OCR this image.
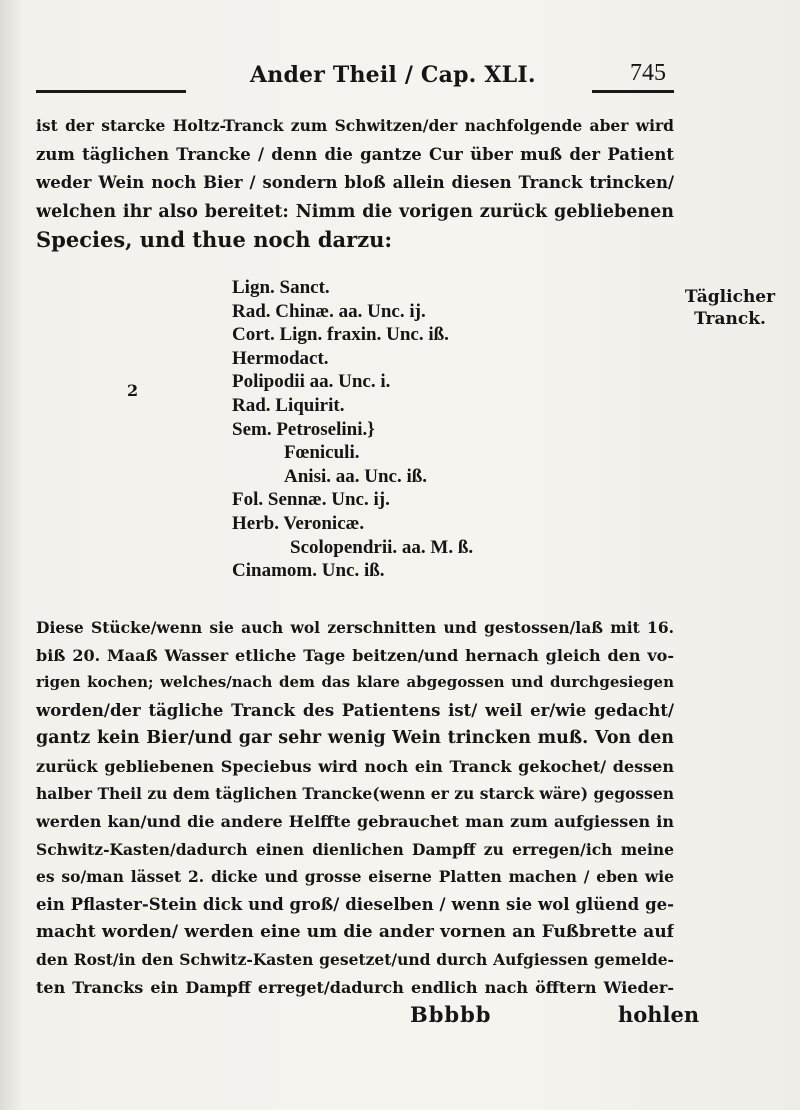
Ander Theil / Cap. XLI.	745
ist der starcke Holtz-Tranck zum Schwitzen/der nachfolgende aber wird
zum täglichen Trancke / denn die gantze Cur über muß der Patient
weder Wein noch Bier / sondern bloß allein diesen Tranck trincken/
welchen ihr also bereitet: Nimm die vorigen zurück gebliebenen
Species, und thue noch darzu:
Lign. Sanct.
Rad. Chinæ. aa. Unc. ij.
Cort. Lign. fraxin. Unc. iß.
Hermodact.
Polipodii aa. Unc. i.
Rad. Liquirit.
Sem. Petroselini.}
Fœniculi.
Anisi. aa. Unc. iß.
Fol. Sennæ. Unc. ij.
Herb. Veronicæ.
Scolopendrii. aa. M. ß.
Cinamom. Unc. iß.
2
Täglicher
Tranck.
Diese Stücke/wenn sie auch wol zerschnitten und gestossen/laß mit 16.
biß 20. Maaß Wasser etliche Tage beitzen/und hernach gleich den vo-
rigen kochen; welches/nach dem das klare abgegossen und durchgesiegen
worden/der tägliche Tranck des Patientens ist/ weil er/wie gedacht/
gantz kein Bier/und gar sehr wenig Wein trincken muß. Von den
zurück gebliebenen Speciebus wird noch ein Tranck gekochet/ dessen
halber Theil zu dem täglichen Trancke(wenn er zu starck wäre) gegossen
werden kan/und die andere Helffte gebrauchet man zum aufgiessen in
Schwitz-Kasten/dadurch einen dienlichen Dampff zu erregen/ich meine
es so/man lässet 2. dicke und grosse eiserne Platten machen / eben wie
ein Pflaster-Stein dick und groß/ dieselben / wenn sie wol glüend ge-
macht worden/ werden eine um die ander vornen an Fußbrette auf
den Rost/in den Schwitz-Kasten gesetzet/und durch Aufgiessen gemelde-
ten Trancks ein Dampff erreget/dadurch endlich nach öfftern Wieder-
Bbbbb	hohlen
